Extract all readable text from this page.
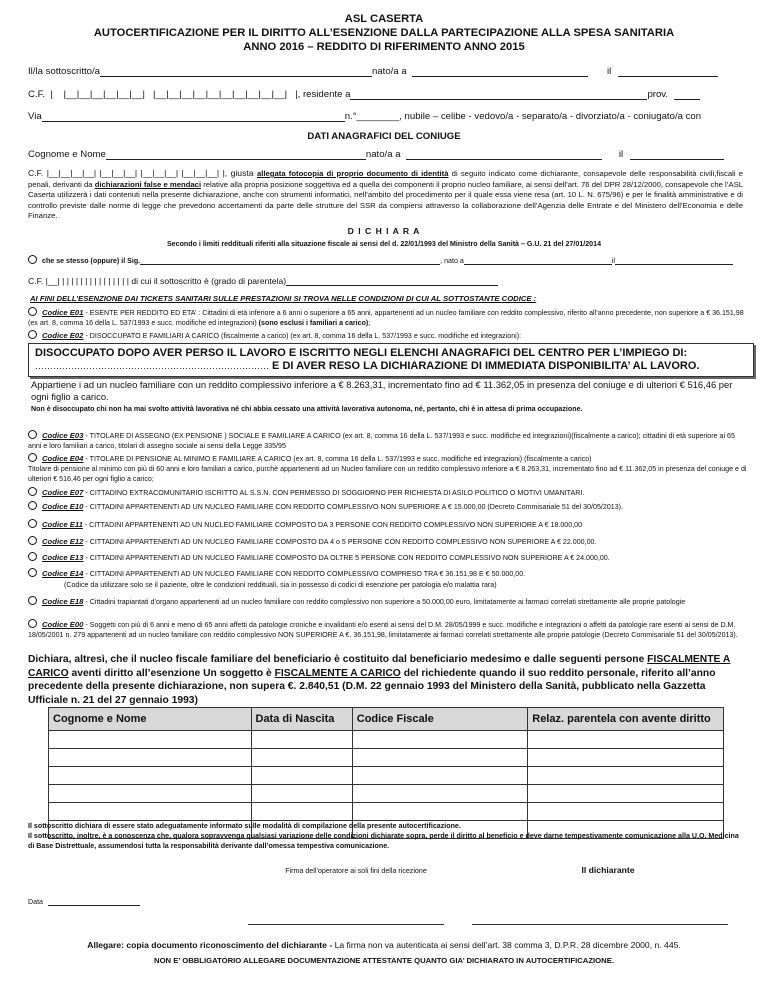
ASL CASERTA
AUTOCERTIFICAZIONE PER IL DIRITTO ALL’ESENZIONE DALLA PARTECIPAZIONE ALLA SPESA SANITARIA
ANNO 2016 – REDDITO DI RIFERIMENTO ANNO 2015
Il/la sottoscritto/a	nato/a a	il
C.F.  |    |__|__|__|__|__|__|   |__|__|__|__|__|__|__|__|__|__|   |, residente a	prov.
Via	n.°________, nubile – celibe - vedovo/a - separato/a - divorziato/a - coniugato/a con
DATI ANAGRAFICI DEL CONIUGE
Cognome e Nome	nato/a a	il
C.F. |__|__|__|__| |__|__|__| |__|__|__| |__|__|__| |, giusta allegata fotocopia di proprio documento di identità di seguito indicato come dichiarante, consapevole delle responsabilità civili,fiscali e penali, derivanti da dichiarazioni false e mendaci relative alla propria posizione soggettiva ed a quella dei componenti il proprio nucleo familiare, ai sensi dell’art. 76 del DPR 28/12/2000, consapevole che l’ASL Caserta utilizzerà i dati contenuti nella presente dichiarazione, anche con strumenti informatici, nell’ambito del procedimento per il quale essa viene resa (art. 10 L. N. 675/96) e per le finalità amministrative e di controllo previste dalle norme di legge che prevedono accertamenti da parte delle strutture del SSR da compiersi attraverso la collaborazione dell’Agenzia delle Entrate e del Ministero dell’Economia e delle Finanze.
D I C H I A R A
Secondo i limiti reddituali riferiti alla situazione fiscale ai sensi del d. 22/01/1993 del Ministro della Sanità – G.U. 21 del 27/01/2014
che se stesso (oppure) il Sig.	, nato a	il
C.F. |__| | | | | | | | | | | | | | | | di cui il sottoscritto è (grado di parentela)
AI FINI DELL’ESENZIONE DAI TICKETS SANITARI SULLE PRESTAZIONI SI TROVA NELLE CONDIZIONI DI CUI AL SOTTOSTANTE CODICE :
Codice E01 - ESENTE PER REDDITO ED ETA’ : Cittadini di età inferiore a 6 anni o superiore a 65 anni, appartenenti ad un nucleo familiare con reddito complessivo, riferito all’anno precedente, non superiore a € 36.151,98 (ex art. 8, comma 16 della L. 537/1993 e succ. modifiche ed integrazioni) (sono esclusi i familiari a carico);
Codice E02 - DISOCCUPATO E FAMILIARI A CARICO (fiscalmente a carico) (ex art. 8, comma 16 della L. 537/1993 e succ. modifiche ed integrazioni):
DISOCCUPATO DOPO AVER PERSO IL LAVORO E ISCRITTO NEGLI ELENCHI ANAGRAFICI DEL CENTRO PER L’IMPIEGO DI:
…………………………………………………………………… E DI AVER RESO LA DICHIARAZIONE DI IMMEDIATA DISPONIBILITA’ AL LAVORO.
Appartiene i ad un nucleo familiare con un reddito complessivo inferiore a € 8.263,31, incrementato fino ad € 11.362,05 in presenza del coniuge e di ulteriori € 516,46 per ogni figlio a carico.
Non è disoccupato chi non ha mai svolto attività lavorativa né chi abbia cessato una attività lavorativa autonoma, né, pertanto, chi è in attesa di prima occupazione.
Codice E03 - TITOLARE DI ASSEGNO (EX PENSIONE ) SOCIALE E FAMILIARE A CARICO (ex art. 8, comma 16 della L. 537/1993 e succ. modifiche ed integrazioni)(fiscalmente a carico); cittadini di età superiore ai 65 anni e loro familiari a carico, titolari di assegno sociale ai sensi della Legge 335/95
Codice E04 - TITOLARE DI PENSIONE AL MINIMO E FAMILIARE A CARICO (ex art. 8, comma 16 della L. 537/1993 e succ. modifiche ed integrazioni) (fiscalmente a carico)
Titolare di pensione al minimo con più di 60 anni e loro familiari a carico, purchè appartenenti ad un Nucleo familiare con un reddito complessivo inferiore a € 8.263,31, incrementato fino ad € 11.362,05 in presenza del coniuge e di ulteriori € 516,46 per ogni figlio a carico;
Codice E07 - CITTADINO EXTRACOMUNITARIO ISCRITTO AL S.S.N. CON PERMESSO DI SOGGIORNO PER RICHIESTA DI ASILO POLITICO O MOTIVI UMANITARI.
Codice E10 - CITTADINI APPARTENENTI AD UN NUCLEO FAMILIARE CON REDDITO COMPLESSIVO NON SUPERIORE A € 15.000,00 (Decreto Commisariale 51 del 30/05/2013).
Codice E11 - CITTADINI APPARTENENTI AD UN NUCLEO FAMILIARE COMPOSTO DA 3 PERSONE CON REDDITO COMPLESSIVO NON SUPERIORE A € 18.000,00
Codice E12 - CITTADINI APPARTENENTI AD UN NUCLEO FAMILIARE COMPOSTO DA 4 o 5 PERSONE CON REDDITO COMPLESSIVO NON SUPERIORE A € 22.000,00.
Codice E13 - CITTADINI APPARTENENTI AD UN NUCLEO FAMILIARE COMPOSTO DA OLTRE 5 PERSONE CON REDDITO COMPLESSIVO NON SUPERIORE A € 24.000,00.
Codice E14 - CITTADINI APPARTENENTI AD UN NUCLEO FAMILIARE CON REDDITO COMPLESSIVO COMPRESO TRA € 36.151,98 E € 50.000,00.
(Codice da utilizzare solo se il paziente, oltre le condizioni reddituali, sia in possesso di codici di esenzione per patologia e/o malattia rara)
Codice E18 - Cittadini trapiantati d’organo appartenenti ad un nucleo familiare con reddito complessivo non superiore a 50.000,00 euro, limitatamente ai farmaci correlati strettamente alle proprie patologie
Codice E00 - Soggetti con più di 6 anni e meno di 65 anni affetti da patologie croniche e invalidanti e/o esenti ai sensi del D.M. 28/05/1999 e succ. modifiche e integrazioni o affetti da patologie rare esenti ai sensi de D.M. 18/05/2001 n. 279 appartenenti ad un nucleo familiare con reddito complessivo NON SUPERIORE A €. 36.151,98, limitatamente ai farmaci correlati strettamente alle proprie patologie (Decreto Commisariale 51 del 30/05/2013).
Dichiara, altresì, che il nucleo fiscale familiare del beneficiario è costituito dal beneficiario medesimo e dalle seguenti persone FISCALMENTE A CARICO aventi diritto all’esenzione Un soggetto è FISCALMENTE A CARICO del richiedente quando il suo reddito personale, riferito all’anno precedente della presente dichiarazione, non supera €. 2.840,51 (D.M. 22 gennaio 1993 del Ministero della Sanità, pubblicato nella Gazzetta Ufficiale n. 21 del 27 gennaio 1993)
Cognome e Nome	Data di Nascita	Codice Fiscale	Relaz. parentela con avente diritto

Il sottoscritto dichiara di essere stato adeguatamente informato sulle modalità di compilazione della presente autocertificazione.
Il sottoscritto, inoltre, è a conoscenza che, qualora sopravvenga qualsiasi variazione delle condizioni dichiarate sopra, perde il diritto al beneficio e deve darne tempestivamente comunicazione alla U.O. Medicina di Base Distrettuale, assumendosi tutta la responsabilità derivante dall’omessa tempestiva comunicazione.
Firma dell’operatore ai soli fini della ricezione	Il dichiarante
Data
Allegare: copia documento riconoscimento del dichiarante - La firma non va autenticata ai sensi dell’art. 38 comma 3, D.P.R. 28 dicembre 2000, n. 445.
NON E’ OBBLIGATORIO ALLEGARE DOCUMENTAZIONE ATTESTANTE QUANTO GIA’ DICHIARATO IN AUTOCERTIFICAZIONE.
